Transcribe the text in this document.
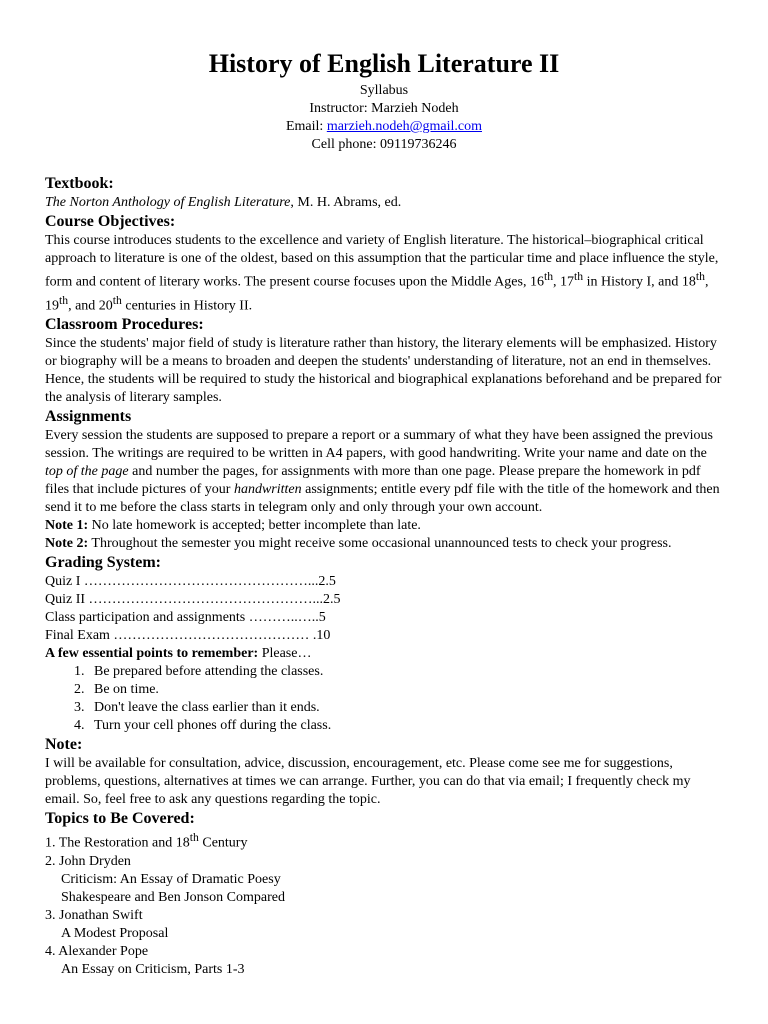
History of English Literature II
Syllabus
Instructor: Marzieh Nodeh
Email: marzieh.nodeh@gmail.com
Cell phone: 09119736246
Textbook:
The Norton Anthology of English Literature, M. H. Abrams, ed.
Course Objectives:
This course introduces students to the excellence and variety of English literature. The historical–biographical critical approach to literature is one of the oldest, based on this assumption that the particular time and place influence the style, form and content of literary works. The present course focuses upon the Middle Ages, 16th, 17th in History I, and 18th, 19th, and 20th centuries in History II.
Classroom Procedures:
Since the students' major field of study is literature rather than history, the literary elements will be emphasized. History or biography will be a means to broaden and deepen the students' understanding of literature, not an end in themselves. Hence, the students will be required to study the historical and biographical explanations beforehand and be prepared for the analysis of literary samples.
Assignments
Every session the students are supposed to prepare a report or a summary of what they have been assigned the previous session. The writings are required to be written in A4 papers, with good handwriting. Write your name and date on the top of the page and number the pages, for assignments with more than one page. Please prepare the homework in pdf files that include pictures of your handwritten assignments; entitle every pdf file with the title of the homework and then send it to me before the class starts in telegram only and only through your own account.
Note 1: No late homework is accepted; better incomplete than late.
Note 2: Throughout the semester you might receive some occasional unannounced tests to check your progress.
Grading System:
Quiz I …………………………………………...2.5
Quiz II …………………………………………...2.5
Class participation and assignments ………..…..5
Final Exam …………………………………… .10
A few essential points to remember: Please…
1. Be prepared before attending the classes.
2. Be on time.
3. Don't leave the class earlier than it ends.
4. Turn your cell phones off during the class.
Note:
I will be available for consultation, advice, discussion, encouragement, etc. Please come see me for suggestions, problems, questions, alternatives at times we can arrange. Further, you can do that via email; I frequently check my email. So, feel free to ask any questions regarding the topic.
Topics to Be Covered:
1. The Restoration and 18th Century
2. John Dryden
Criticism: An Essay of Dramatic Poesy
Shakespeare and Ben Jonson Compared
3. Jonathan Swift
A Modest Proposal
4. Alexander Pope
An Essay on Criticism, Parts 1-3
